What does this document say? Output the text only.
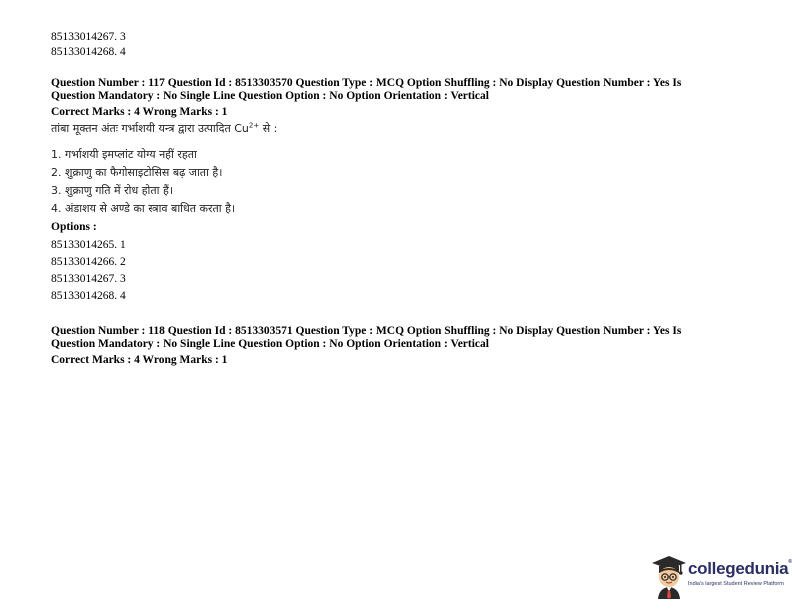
85133014267. 3
85133014268. 4
Question Number : 117 Question Id : 8513303570 Question Type : MCQ Option Shuffling : No Display Question Number : Yes Is
Question Mandatory : No Single Line Question Option : No Option Orientation : Vertical
Correct Marks : 4 Wrong Marks : 1
तांबा मूक्तन अंतः गर्भाशयी यन्त्र द्वारा उत्पादित $Cu^{2+}$ से :
1. गर्भाशयी इमप्लांट योग्य नहीं रहता
2. शुक्राणु का फैगोसाइटोसिस बढ़ जाता है।
3. शुक्राणु गति में रोध होता हैं।
4. अंडाशय से अण्डे का स्त्राव बाधित करता है।
Options :
85133014265. 1
85133014266. 2
85133014267. 3
85133014268. 4
Question Number : 118 Question Id : 8513303571 Question Type : MCQ Option Shuffling : No Display Question Number : Yes Is
Question Mandatory : No Single Line Question Option : No Option Orientation : Vertical
Correct Marks : 4 Wrong Marks : 1
collegedunia®
India's largest Student Review Platform
